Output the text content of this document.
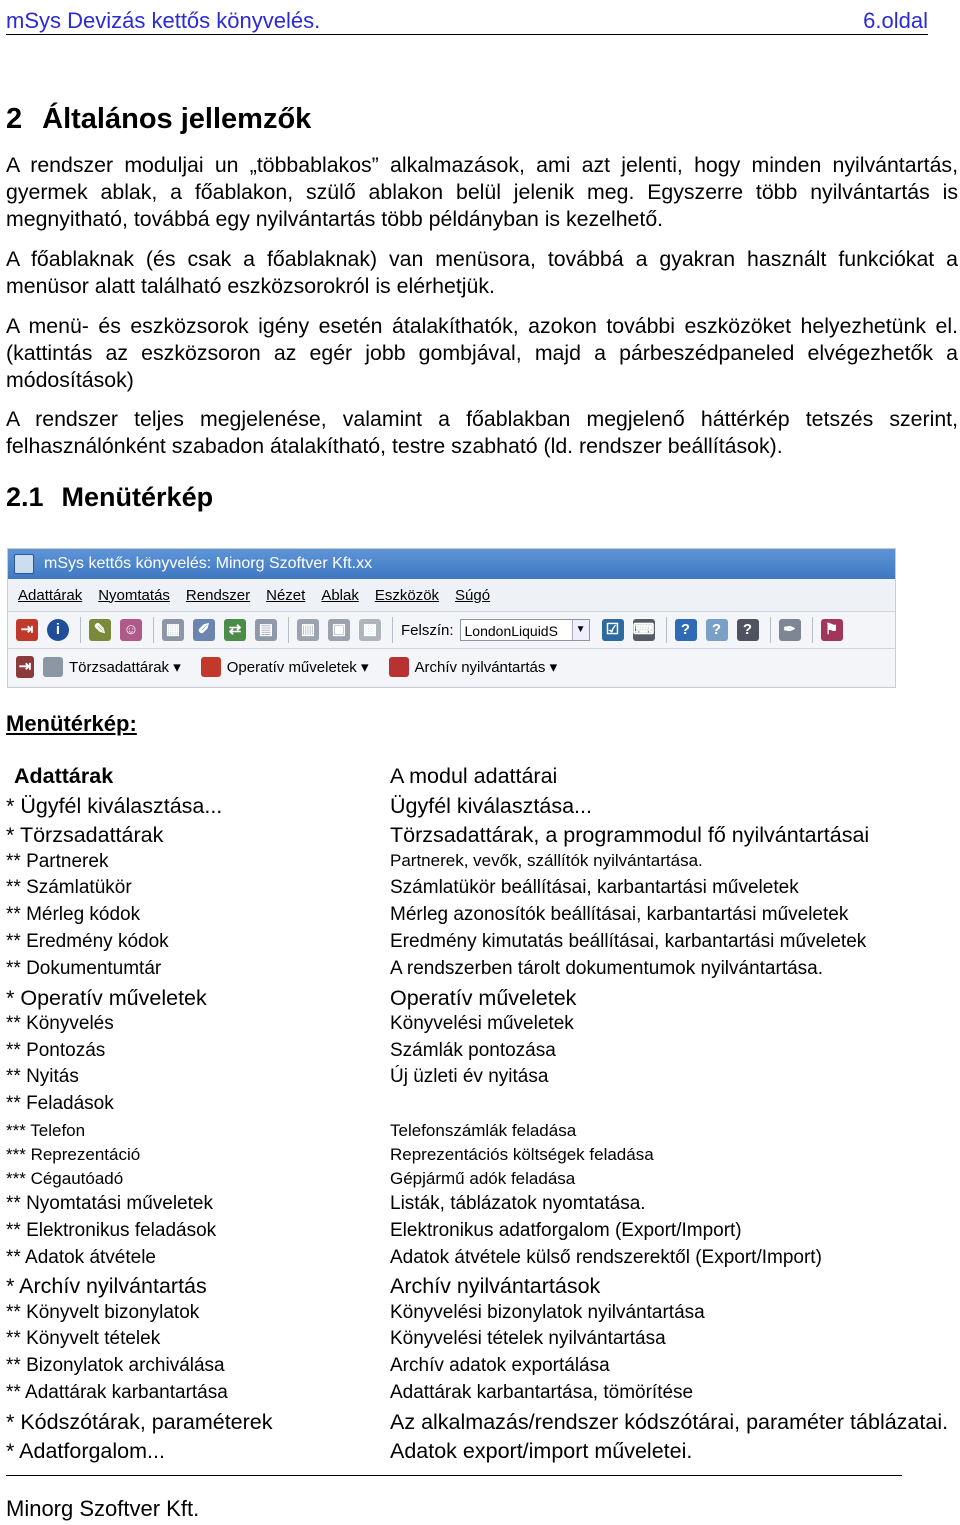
mSys Devizás kettős könyvelés.	6.oldal
2 Általános jellemzők

A rendszer moduljai un „többablakos” alkalmazások, ami azt jelenti, hogy minden nyilvántartás, gyermek ablak, a főablakon, szülő ablakon belül jelenik meg. Egyszerre több nyilvántartás is megnyitható, továbbá egy nyilvántartás több példányban is kezelhető.

A főablaknak (és csak a főablaknak) van menüsora, továbbá a gyakran használt funkciókat a menüsor alatt található eszközsorokról is elérhetjük.

A menü- és eszközsorok igény esetén átalakíthatók, azokon további eszközöket helyezhetünk el. (kattintás az eszközsoron az egér jobb gombjával, majd a párbeszédpaneled elvégezhetők a módosítások)

A rendszer teljes megjelenése, valamint a főablakban megjelenő háttérkép tetszés szerint, felhasználónként szabadon átalakítható, testre szabható (ld. rendszer beállítások).

2.1 Menütérkép
mSys kettős könyvelés: Minorg Szoftver Kft.xx
Adattárak Nyomtatás Rendszer Nézet Ablak Eszközök Súgó
⇥	i	✎	☺ ▦	✐	⇄	▤ ▥ ▣ ▩ Felszín: LondonLiquidS	▼ ☑ ⌨	?	?	?	✒	⚑
⇥	Törzsadattárak ▾	Operatív műveletek ▾	Archív nyilvántartás ▾
Menütérkép:
Adattárak	A modul adattárai
* Ügyfél kiválasztása...	Ügyfél kiválasztása...
* Törzsadattárak	Törzsadattárak, a programmodul fő nyilvántartásai
** Partnerek	Partnerek, vevők, szállítók nyilvántartása.
** Számlatükör	Számlatükör beállításai, karbantartási műveletek
** Mérleg kódok	Mérleg azonosítók beállításai, karbantartási műveletek
** Eredmény kódok	Eredmény kimutatás beállításai, karbantartási műveletek
** Dokumentumtár	A rendszerben tárolt dokumentumok nyilvántartása.
* Operatív műveletek	Operatív műveletek
** Könyvelés	Könyvelési műveletek
** Pontozás	Számlák pontozása
** Nyitás	Új üzleti év nyitása
** Feladások
*** Telefon	Telefonszámlák feladása
*** Reprezentáció	Reprezentációs költségek feladása
*** Cégautóadó	Gépjármű adók feladása
** Nyomtatási műveletek	Listák, táblázatok nyomtatása.
** Elektronikus feladások	Elektronikus adatforgalom (Export/Import)
** Adatok átvétele	Adatok átvétele külső rendszerektől (Export/Import)
* Archív nyilvántartás	Archív nyilvántartások
** Könyvelt bizonylatok	Könyvelési bizonylatok nyilvántartása
** Könyvelt tételek	Könyvelési tételek nyilvántartása
** Bizonylatok archiválása	Archív adatok exportálása
** Adattárak karbantartása	Adattárak karbantartása, tömörítése
* Kódszótárak, paraméterek	Az alkalmazás/rendszer kódszótárai, paraméter táblázatai.
* Adatforgalom...	Adatok export/import műveletei.
Minorg Szoftver Kft.
